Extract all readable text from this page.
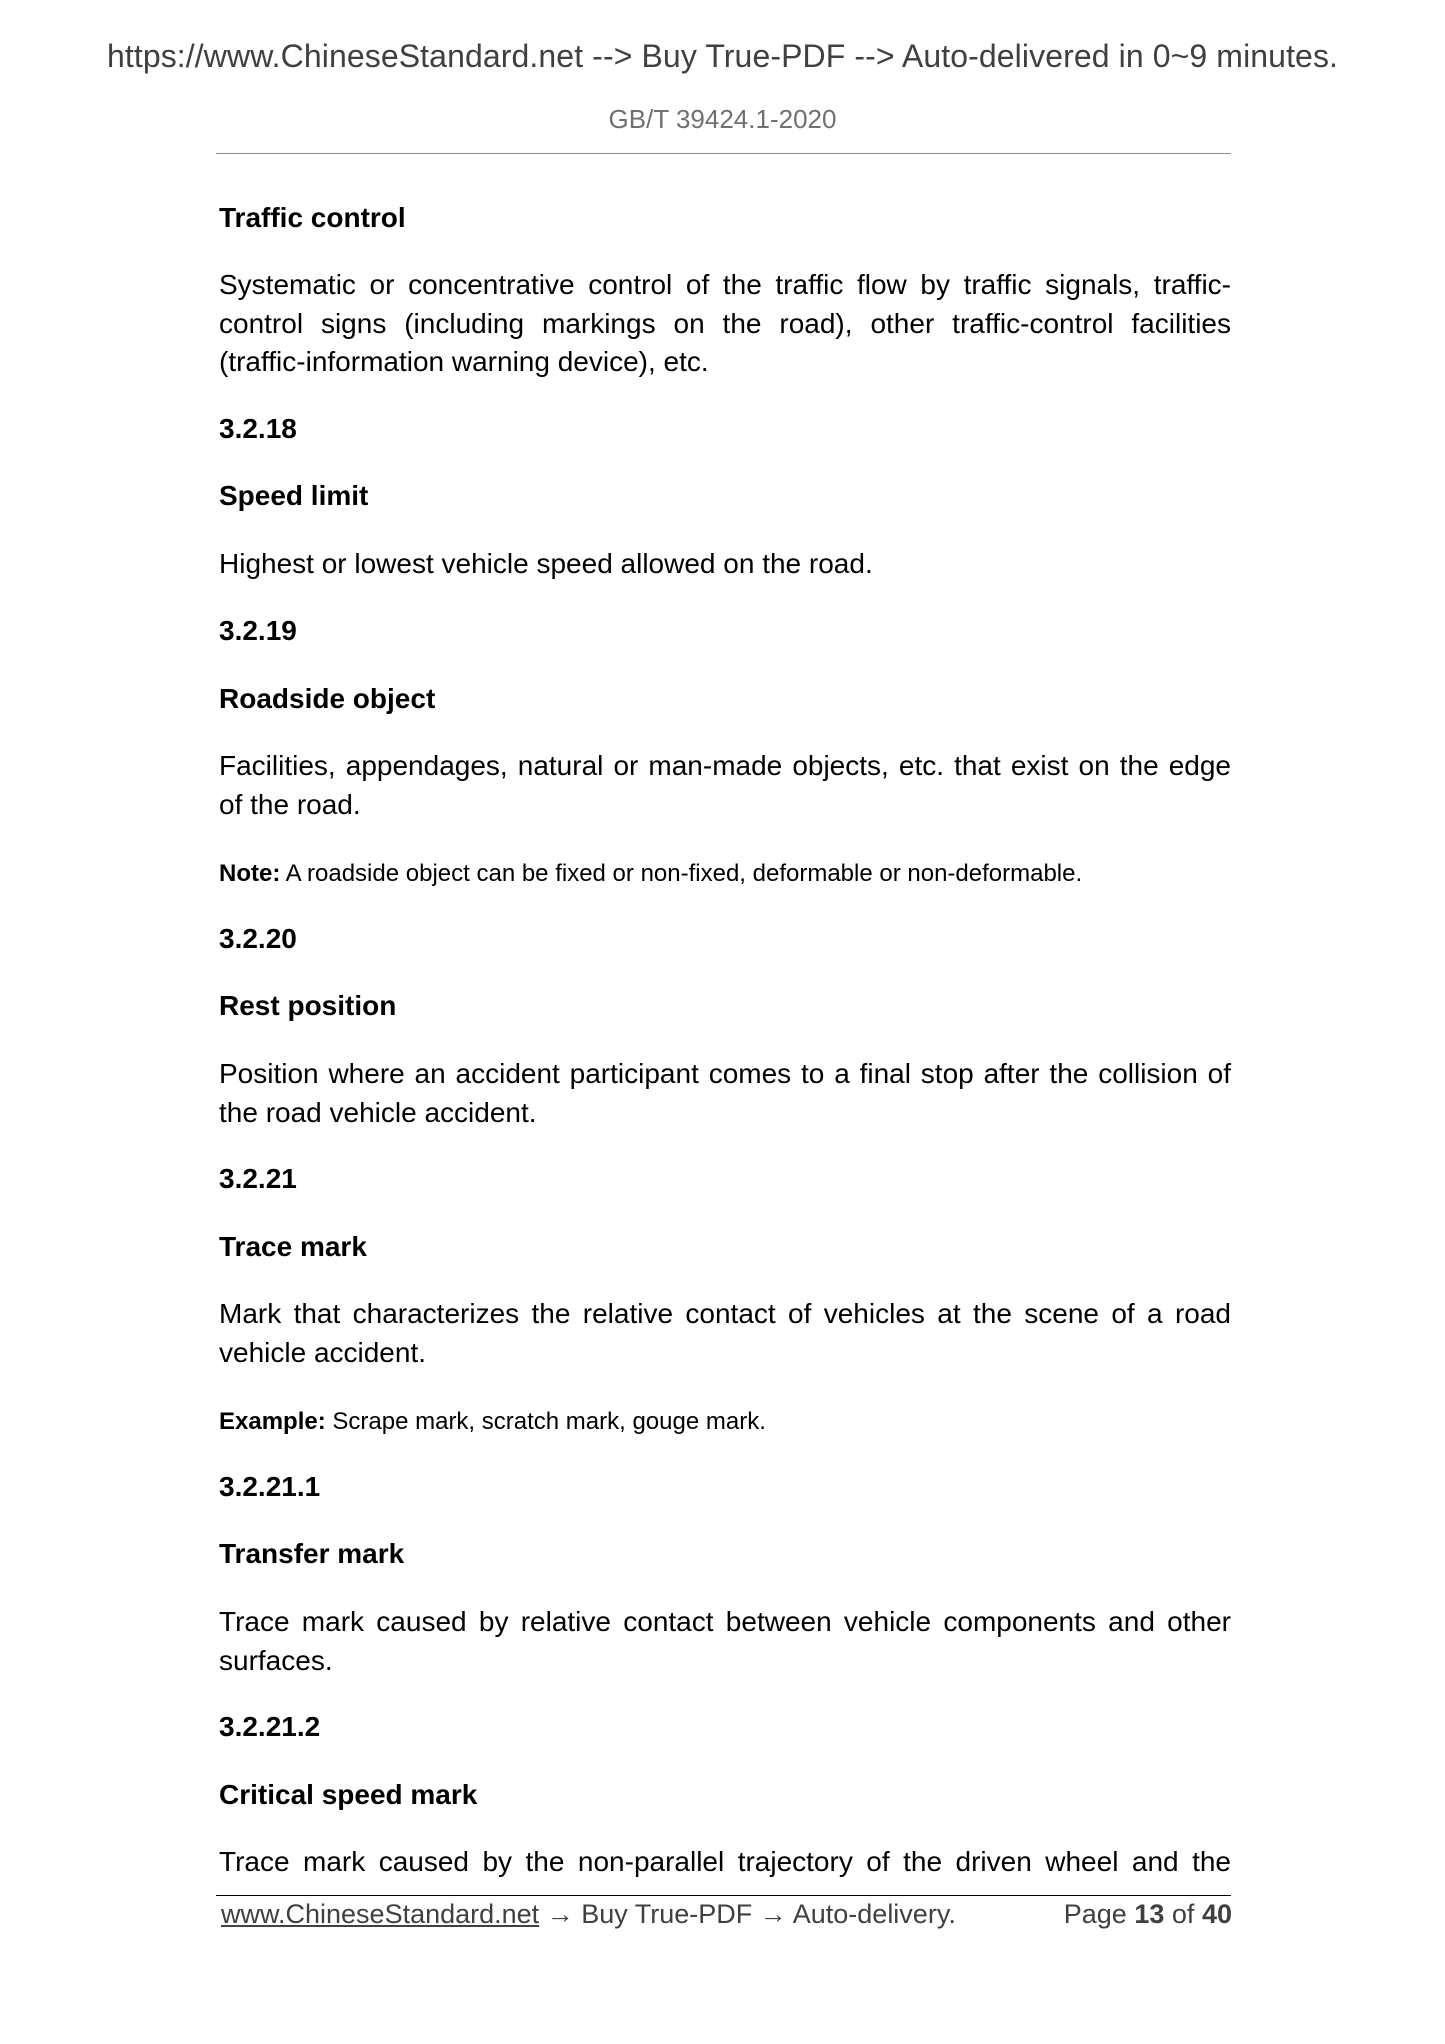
https://www.ChineseStandard.net --> Buy True-PDF --> Auto-delivered in 0~9 minutes.
GB/T 39424.1-2020
Traffic control
Systematic or concentrative control of the traffic flow by traffic signals, traffic-control signs (including markings on the road), other traffic-control facilities (traffic-information warning device), etc.
3.2.18
Speed limit
Highest or lowest vehicle speed allowed on the road.
3.2.19
Roadside object
Facilities, appendages, natural or man-made objects, etc. that exist on the edge of the road.
Note: A roadside object can be fixed or non-fixed, deformable or non-deformable.
3.2.20
Rest position
Position where an accident participant comes to a final stop after the collision of the road vehicle accident.
3.2.21
Trace mark
Mark that characterizes the relative contact of vehicles at the scene of a road vehicle accident.
Example: Scrape mark, scratch mark, gouge mark.
3.2.21.1
Transfer mark
Trace mark caused by relative contact between vehicle components and other surfaces.
3.2.21.2
Critical speed mark
Trace mark caused by the non-parallel trajectory of the driven wheel and the
www.ChineseStandard.net → Buy True-PDF → Auto-delivery.	Page 13 of 40
